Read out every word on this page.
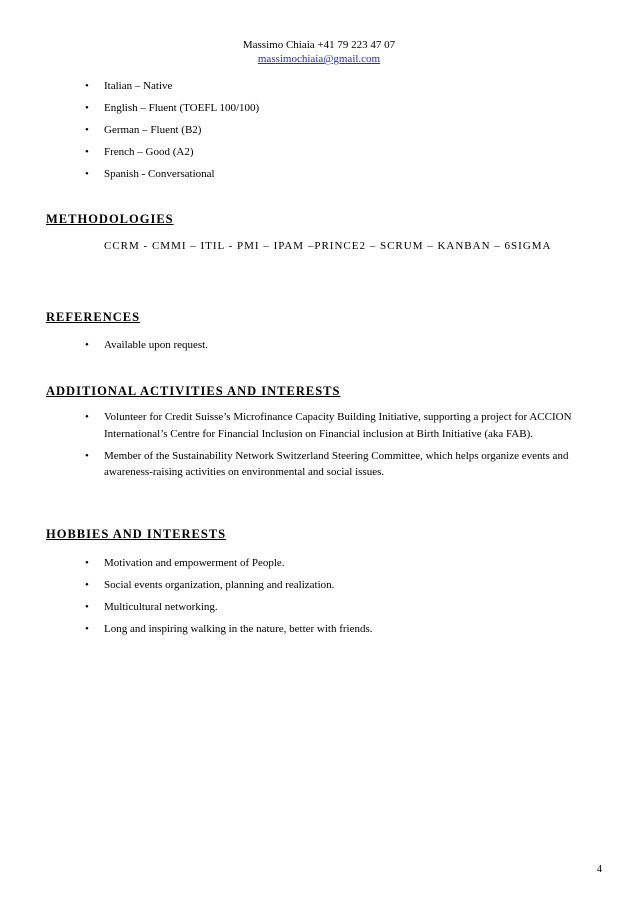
Massimo Chiaia +41 79 223 47 07
massimochiaia@gmail.com
• Italian – Native
• English – Fluent (TOEFL 100/100)
• German – Fluent (B2)
• French – Good (A2)
• Spanish - Conversational
METHODOLOGIES
CCRM - CMMI – ITIL - PMI – IPAM –PRINCE2 – SCRUM – KANBAN – 6SIGMA
REFERENCES
• Available upon request.
ADDITIONAL ACTIVITIES AND INTERESTS
• Volunteer for Credit Suisse’s Microfinance Capacity Building Initiative, supporting a project for ACCION International’s Centre for Financial Inclusion on Financial inclusion at Birth Initiative (aka FAB).
• Member of the Sustainability Network Switzerland Steering Committee, which helps organize events and awareness-raising activities on environmental and social issues.
HOBBIES AND INTERESTS
• Motivation and empowerment of People.
• Social events organization, planning and realization.
• Multicultural networking.
• Long and inspiring walking in the nature, better with friends.
4
